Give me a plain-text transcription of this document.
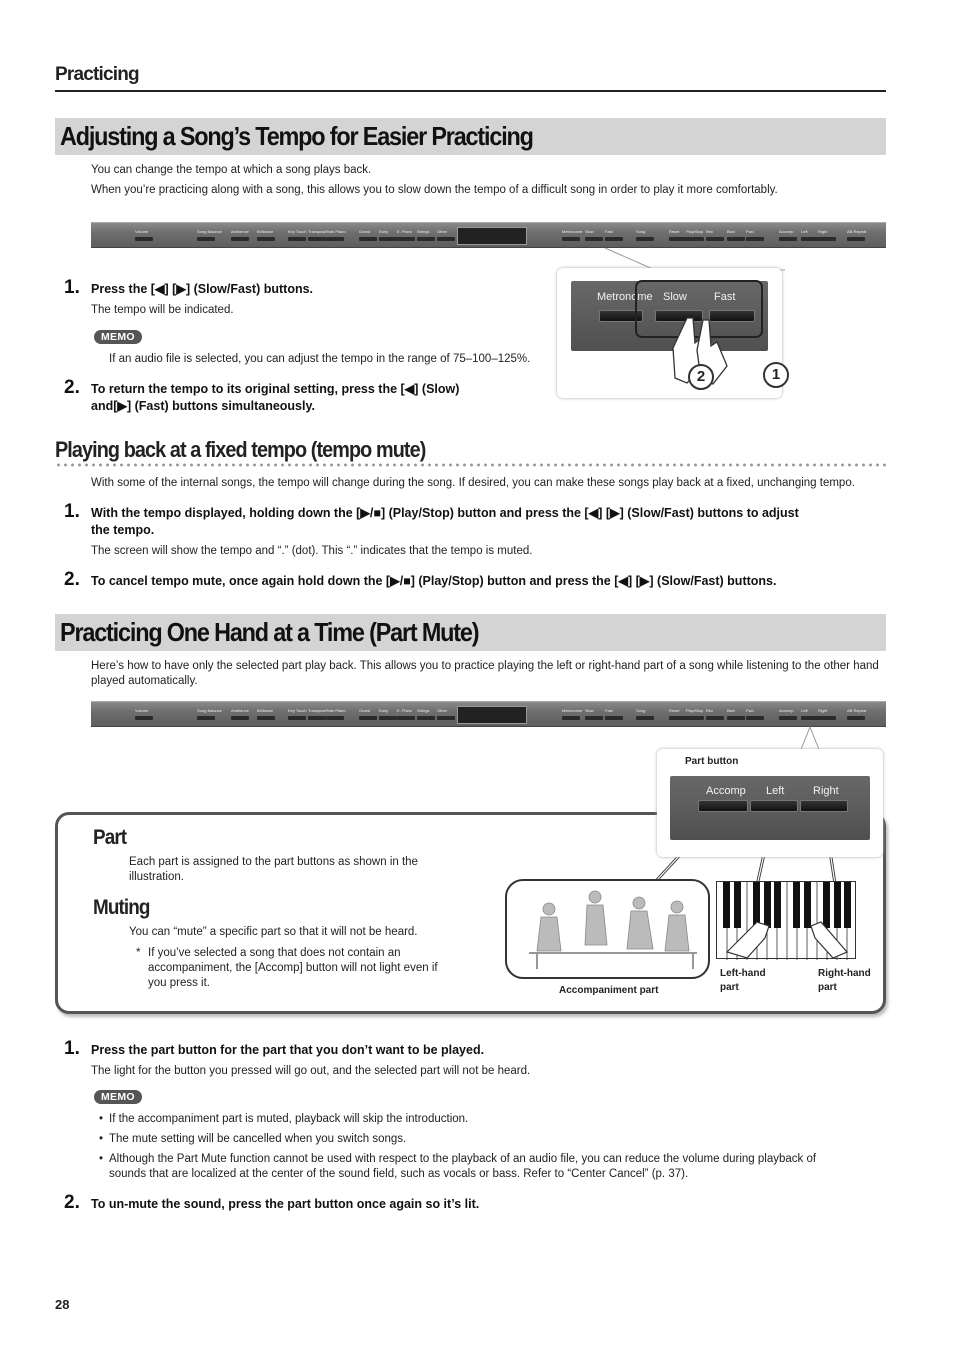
Practicing
Adjusting a Song’s Tempo for Easier Practicing
You can change the tempo at which a song plays back.
When you’re practicing along with a song, this allows you to slow down the tempo of a difficult song in order to play it more comfortably.
Volume	Song Balance Ambience Brilliance	Key Touch Transpose Twin Piano	Grand Early E. Piano Strings Other	Metronome Slow	Fast	Song	Reset Play/Stop Rec	Bwd	Fwd	Accomp Left	Right	AB Repeat
1. Press the [◀] [▶] (Slow/Fast) buttons.
The tempo will be indicated.
MEMO
If an audio file is selected, you can adjust the tempo in the range of 75–100–125%.
2. To return the tempo to its original setting, press the [◀] (Slow)
and[▶] (Fast) buttons simultaneously.
Metronome Slow Fast
2	1
Playing back at a fixed tempo (tempo mute)
With some of the internal songs, the tempo will change during the song. If desired, you can make these songs play back at a fixed, unchanging tempo.
1. With the tempo displayed, holding down the [▶/■] (Play/Stop) button and press the [◀] [▶] (Slow/Fast) buttons to adjust
the tempo.
The screen will show the tempo and “.” (dot). This “.” indicates that the tempo is muted.
2. To cancel tempo mute, once again hold down the [▶/■] (Play/Stop) button and press the [◀] [▶] (Slow/Fast) buttons.
Practicing One Hand at a Time (Part Mute)
Here’s how to have only the selected part play back. This allows you to practice playing the left or right-hand part of a song while listening to the other hand played automatically.
Volume	Song Balance Ambience Brilliance	Key Touch Transpose Twin Piano	Grand Early E. Piano Strings Other	Metronome Slow	Fast	Song	Reset Play/Stop Rec	Bwd	Fwd	Accomp Left	Right	AB Repeat
Part
Each part is assigned to the part buttons as shown in the
illustration.
Muting
You can “mute” a specific part so that it will not be heard.
* If you’ve selected a song that does not contain an
accompaniment, the [Accomp] button will not light even if
you press it.
Part button
Accomp Left	Right
Accompaniment part
Left-hand
part
Right-hand
part
1. Press the part button for the part that you don’t want to be played.
The light for the button you pressed will go out, and the selected part will not be heard.
MEMO
• If the accompaniment part is muted, playback will skip the introduction.
• The mute setting will be cancelled when you switch songs.
• Although the Part Mute function cannot be used with respect to the playback of an audio file, you can reduce the volume during playback of
sounds that are localized at the center of the sound field, such as vocals or bass. Refer to “Center Cancel” (p. 37).
2. To un-mute the sound, press the part button once again so it’s lit.
28
